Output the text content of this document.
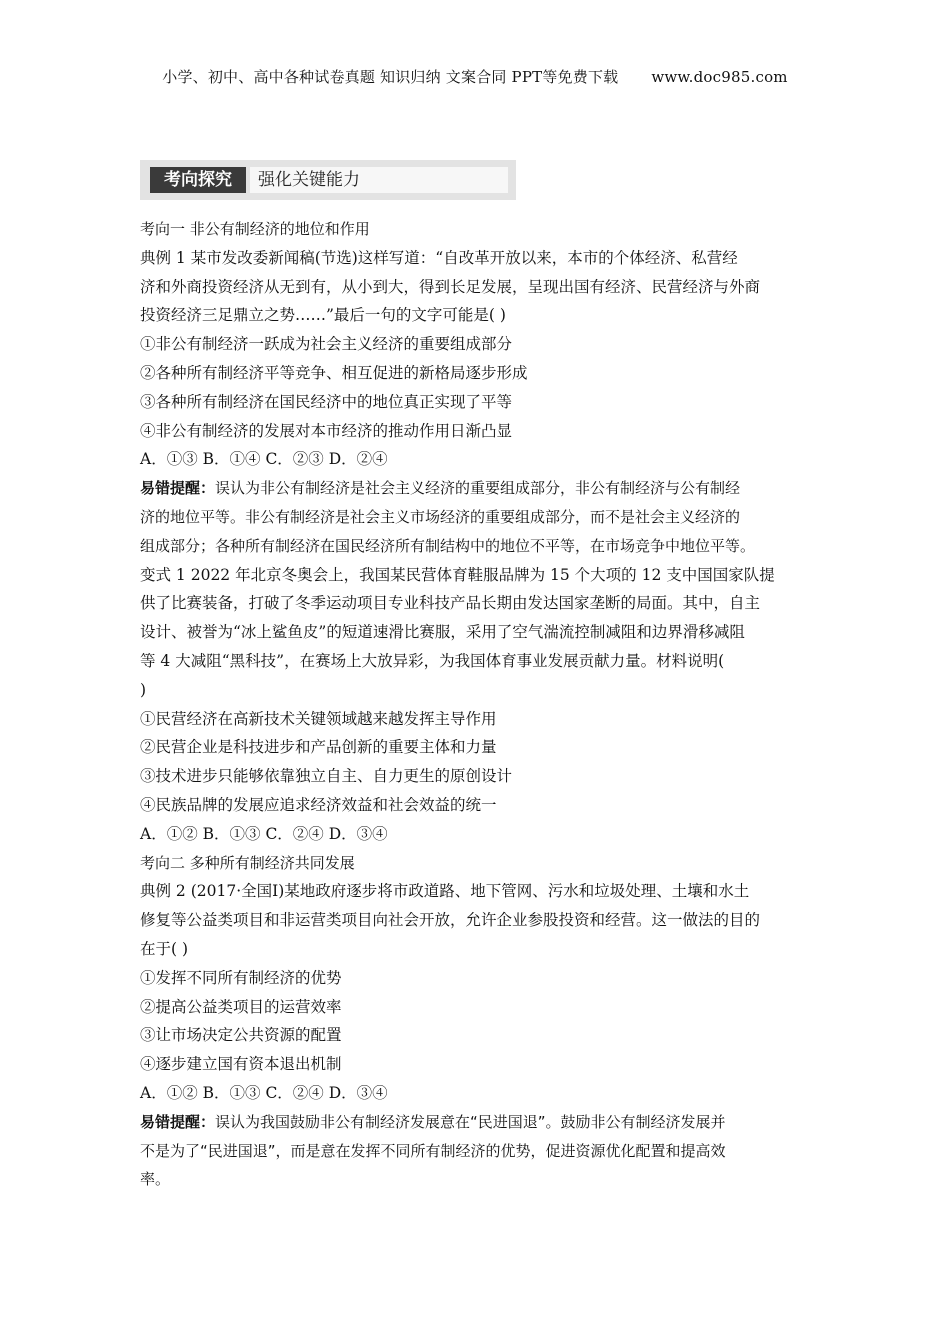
小学、初中、高中各种试卷真题 知识归纳 文案合同 PPT等免费下载 www.doc985.com
考向探究	强化关键能力

考向一 非公有制经济的地位和作用

典例 1 某市发改委新闻稿(节选)这样写道：“自改革开放以来，本市的个体经济、私营经

济和外商投资经济从无到有，从小到大，得到长足发展，呈现出国有经济、民营经济与外商

投资经济三足鼎立之势……”最后一句的文字可能是( )

①非公有制经济一跃成为社会主义经济的重要组成部分

②各种所有制经济平等竞争、相互促进的新格局逐步形成

③各种所有制经济在国民经济中的地位真正实现了平等

④非公有制经济的发展对本市经济的推动作用日渐凸显

A．①③ B．①④ C．②③ D．②④

易错提醒：误认为非公有制经济是社会主义经济的重要组成部分，非公有制经济与公有制经

济的地位平等。非公有制经济是社会主义市场经济的重要组成部分，而不是社会主义经济的

组成部分；各种所有制经济在国民经济所有制结构中的地位不平等，在市场竞争中地位平等。

变式 1 2022 年北京冬奥会上，我国某民营体育鞋服品牌为 15 个大项的 12 支中国国家队提

供了比赛装备，打破了冬季运动项目专业科技产品长期由发达国家垄断的局面。其中，自主

设计、被誉为“冰上鲨鱼皮”的短道速滑比赛服，采用了空气湍流控制减阻和边界滑移减阻

等 4 大减阻“黑科技”，在赛场上大放异彩，为我国体育事业发展贡献力量。材料说明(

)

①民营经济在高新技术关键领域越来越发挥主导作用

②民营企业是科技进步和产品创新的重要主体和力量

③技术进步只能够依靠独立自主、自力更生的原创设计

④民族品牌的发展应追求经济效益和社会效益的统一

A．①② B．①③ C．②④ D．③④

考向二 多种所有制经济共同发展

典例 2 (2017·全国Ⅰ)某地政府逐步将市政道路、地下管网、污水和垃圾处理、土壤和水土

修复等公益类项目和非运营类项目向社会开放，允许企业参股投资和经营。这一做法的目的

在于( )

①发挥不同所有制经济的优势

②提高公益类项目的运营效率

③让市场决定公共资源的配置

④逐步建立国有资本退出机制

A．①② B．①③ C．②④ D．③④

易错提醒：误认为我国鼓励非公有制经济发展意在“民进国退”。鼓励非公有制经济发展并

不是为了“民进国退”，而是意在发挥不同所有制经济的优势，促进资源优化配置和提高效

率。
